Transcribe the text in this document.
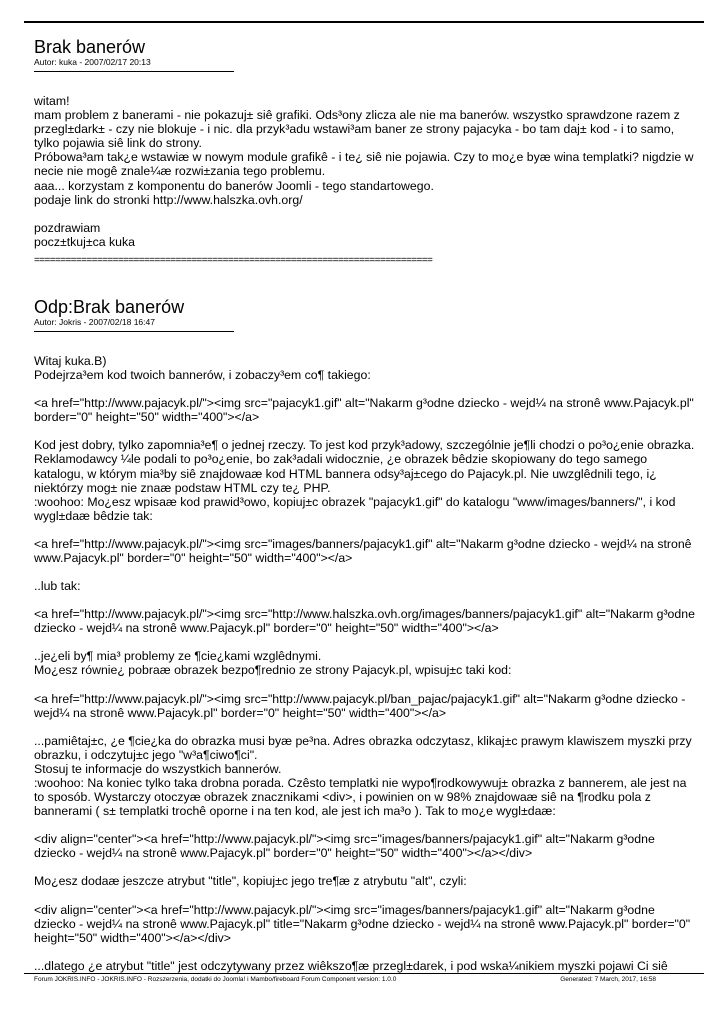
Brak banerów

Autor: kuka - 2007/02/17 20:13

witam!
mam problem z banerami - nie pokazuj± siê grafiki. Ods³ony zlicza ale nie ma banerów. wszystko sprawdzone razem z przegl±dark± - czy nie blokuje - i nic. dla przyk³adu wstawi³am baner ze strony pajacyka - bo tam daj± kod - i to samo, tylko pojawia siê link do strony.
Próbowa³am tak¿e wstawiæ w nowym module grafikê - i te¿ siê nie pojawia. Czy to mo¿e byæ wina templatki? nigdzie w necie nie mogê znale¼æ rozwi±zania tego problemu.
aaa... korzystam z komponentu do banerów Joomli - tego standartowego.
podaje link do stronki http://www.halszka.ovh.org/

pozdrawiam
pocz±tkuj±ca kuka

============================================================================

Odp:Brak banerów

Autor: Jokris - 2007/02/18 16:47

Witaj kuka.B)
Podejrza³em kod twoich bannerów, i zobaczy³em co¶ takiego:

<a href="http://www.pajacyk.pl/"><img src="pajacyk1.gif" alt="Nakarm g³odne dziecko - wejd¼ na stronê www.Pajacyk.pl" border="0" height="50" width="400"></a>

Kod jest dobry, tylko zapomnia³e¶ o jednej rzeczy. To jest kod przyk³adowy, szczególnie je¶li chodzi o po³o¿enie obrazka. Reklamodawcy ¼le podali to po³o¿enie, bo zak³adali widocznie, ¿e obrazek bêdzie skopiowany do tego samego katalogu, w którym mia³by siê znajdowaæ kod HTML bannera odsy³aj±cego do Pajacyk.pl. Nie uwzglêdnili tego, i¿ niektórzy mog± nie znaæ podstaw HTML czy te¿ PHP.
:woohoo: Mo¿esz wpisaæ kod prawid³owo, kopiuj±c obrazek "pajacyk1.gif" do katalogu "www/images/banners/", i kod wygl±daæ bêdzie tak:

<a href="http://www.pajacyk.pl/"><img src="images/banners/pajacyk1.gif" alt="Nakarm g³odne dziecko - wejd¼ na stronê www.Pajacyk.pl" border="0" height="50" width="400"></a>

..lub tak:

<a href="http://www.pajacyk.pl/"><img src="http://www.halszka.ovh.org/images/banners/pajacyk1.gif" alt="Nakarm g³odne dziecko - wejd¼ na stronê www.Pajacyk.pl" border="0" height="50" width="400"></a>

..je¿eli by¶ mia³ problemy ze ¶cie¿kami wzglêdnymi.
Mo¿esz równie¿ pobraæ obrazek bezpo¶rednio ze strony Pajacyk.pl, wpisuj±c taki kod:

<a href="http://www.pajacyk.pl/"><img src="http://www.pajacyk.pl/ban_pajac/pajacyk1.gif" alt="Nakarm g³odne dziecko - wejd¼ na stronê www.Pajacyk.pl" border="0" height="50" width="400"></a>

...pamiêtaj±c, ¿e ¶cie¿ka do obrazka musi byæ pe³na. Adres obrazka odczytasz, klikaj±c prawym klawiszem myszki przy obrazku, i odczytuj±c jego "w³a¶ciwo¶ci".
Stosuj te informacje do wszystkich bannerów.
:woohoo: Na koniec tylko taka drobna porada. Czêsto templatki nie wypo¶rodkowywuj± obrazka z bannerem, ale jest na to sposób. Wystarczy otoczyæ obrazek znacznikami <div>, i powinien on w 98% znajdowaæ siê na ¶rodku pola z bannerami ( s± templatki trochê oporne i na ten kod, ale jest ich ma³o ). Tak to mo¿e wygl±daæ:

<div align="center"><a href="http://www.pajacyk.pl/"><img src="images/banners/pajacyk1.gif" alt="Nakarm g³odne dziecko - wejd¼ na stronê www.Pajacyk.pl" border="0" height="50" width="400"></a></div>

Mo¿esz dodaæ jeszcze atrybut "title", kopiuj±c jego tre¶æ z atrybutu "alt", czyli:

<div align="center"><a href="http://www.pajacyk.pl/"><img src="images/banners/pajacyk1.gif" alt="Nakarm g³odne dziecko - wejd¼ na stronê www.Pajacyk.pl" title="Nakarm g³odne dziecko - wejd¼ na stronê www.Pajacyk.pl" border="0" height="50" width="400"></a></div>

...dlatego ¿e atrybut "title" jest odczytywany przez wiêkszo¶æ przegl±darek, i pod wska¼nikiem myszki pojawi Ci siê

Forum JOKRIS.INFO - JOKRIS.INFO - Rozszerzenia, dodatki do Joomla! i Mambo/fireboard Forum Component version: 1.0.0	Generated: 7 March, 2017, 16:58
